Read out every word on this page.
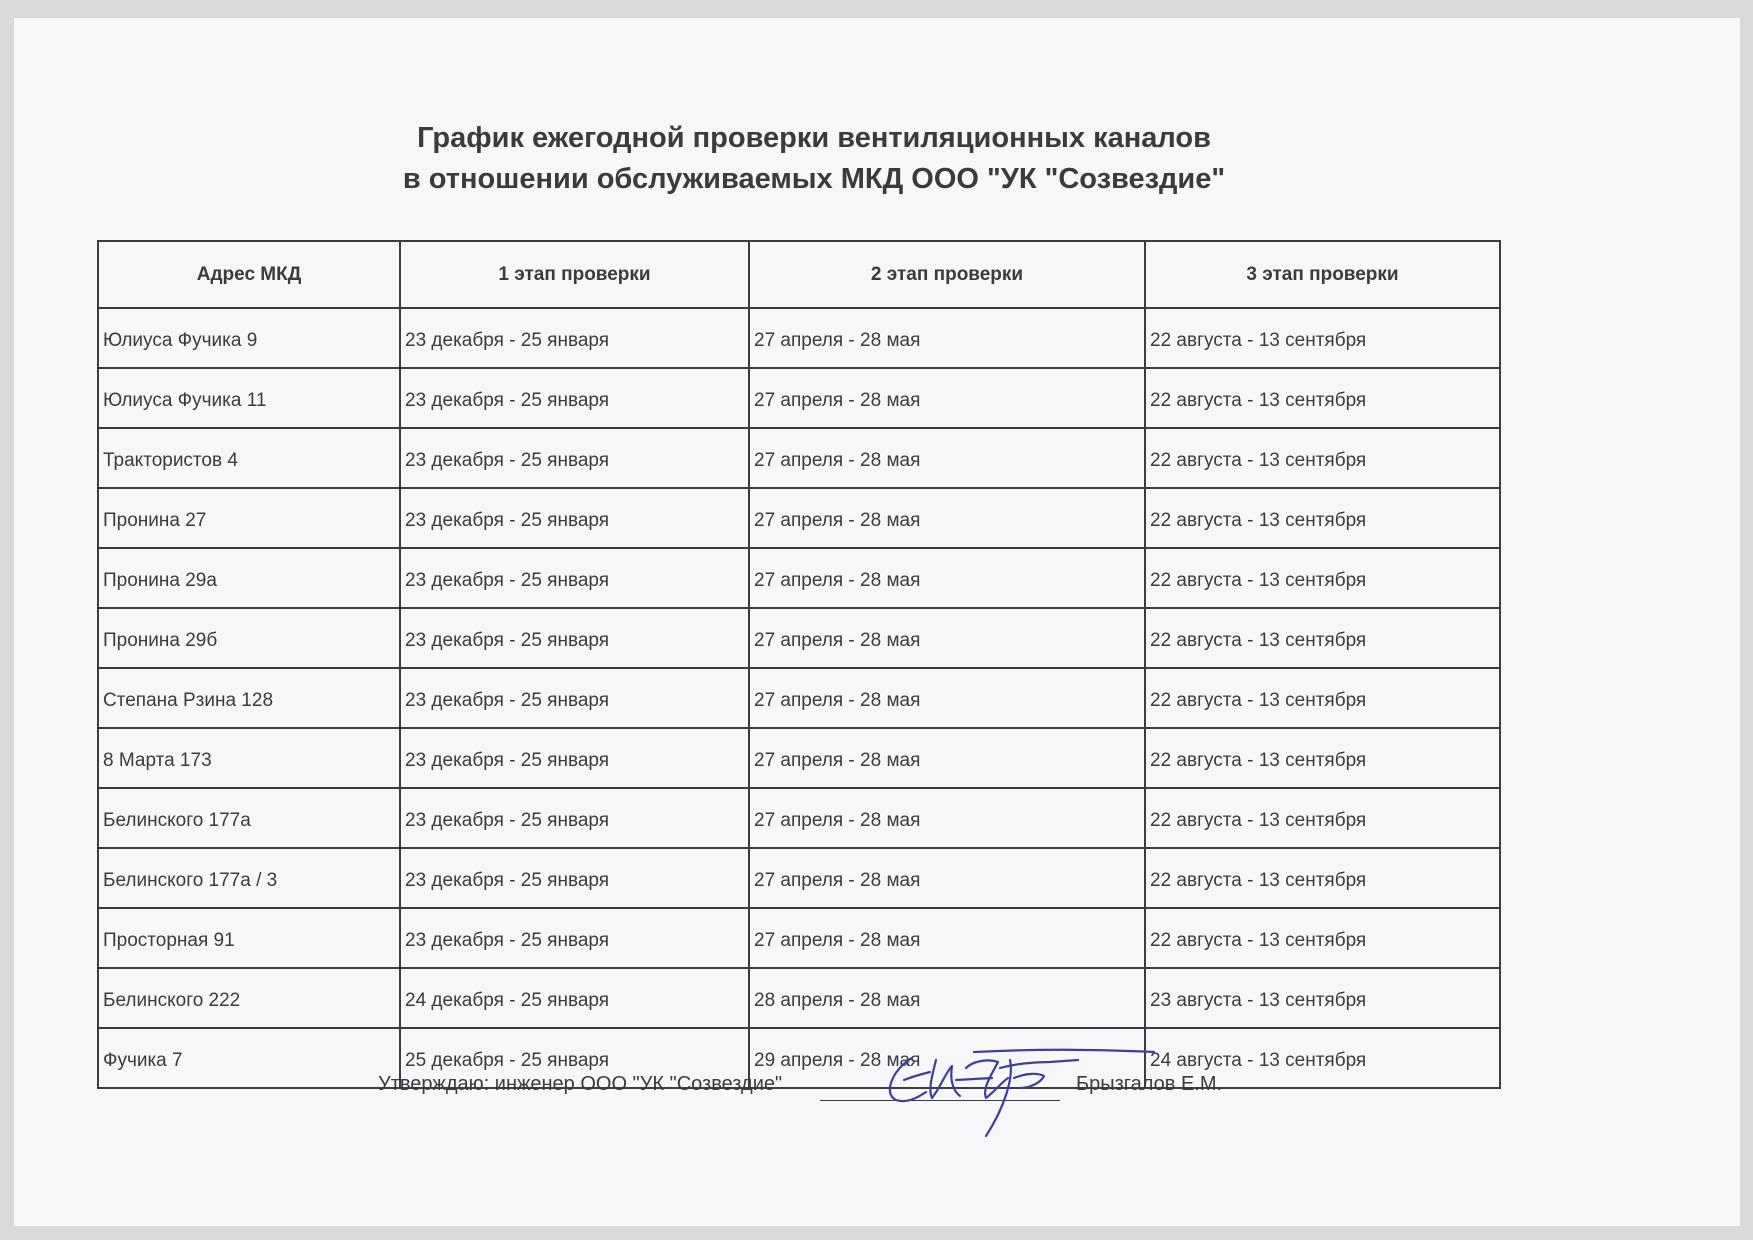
График ежегодной проверки вентиляционных каналов
в отношении обслуживаемых МКД ООО "УК "Созвездие"
Адрес МКД	1 этап проверки	2 этап проверки	3 этап проверки
Юлиуса Фучика 9	23 декабря - 25 января	27 апреля - 28 мая	22 августа - 13 сентября
Юлиуса Фучика 11	23 декабря - 25 января	27 апреля - 28 мая	22 августа - 13 сентября
Трактористов 4	23 декабря - 25 января	27 апреля - 28 мая	22 августа - 13 сентября
Пронина 27	23 декабря - 25 января	27 апреля - 28 мая	22 августа - 13 сентября
Пронина 29а	23 декабря - 25 января	27 апреля - 28 мая	22 августа - 13 сентября
Пронина 29б	23 декабря - 25 января	27 апреля - 28 мая	22 августа - 13 сентября
Степана Рзина 128	23 декабря - 25 января	27 апреля - 28 мая	22 августа - 13 сентября
8 Марта 173	23 декабря - 25 января	27 апреля - 28 мая	22 августа - 13 сентября
Белинского 177а	23 декабря - 25 января	27 апреля - 28 мая	22 августа - 13 сентября
Белинского 177а / 3	23 декабря - 25 января	27 апреля - 28 мая	22 августа - 13 сентября
Просторная 91	23 декабря - 25 января	27 апреля - 28 мая	22 августа - 13 сентября
Белинского 222	24 декабря - 25 января	28 апреля - 28 мая	23 августа - 13 сентября
Фучика 7	25 декабря - 25 января	29 апреля - 28 мая	24 августа - 13 сентября
Утверждаю: инженер ООО "УК "Созвездие"	Брызгалов Е.М.
